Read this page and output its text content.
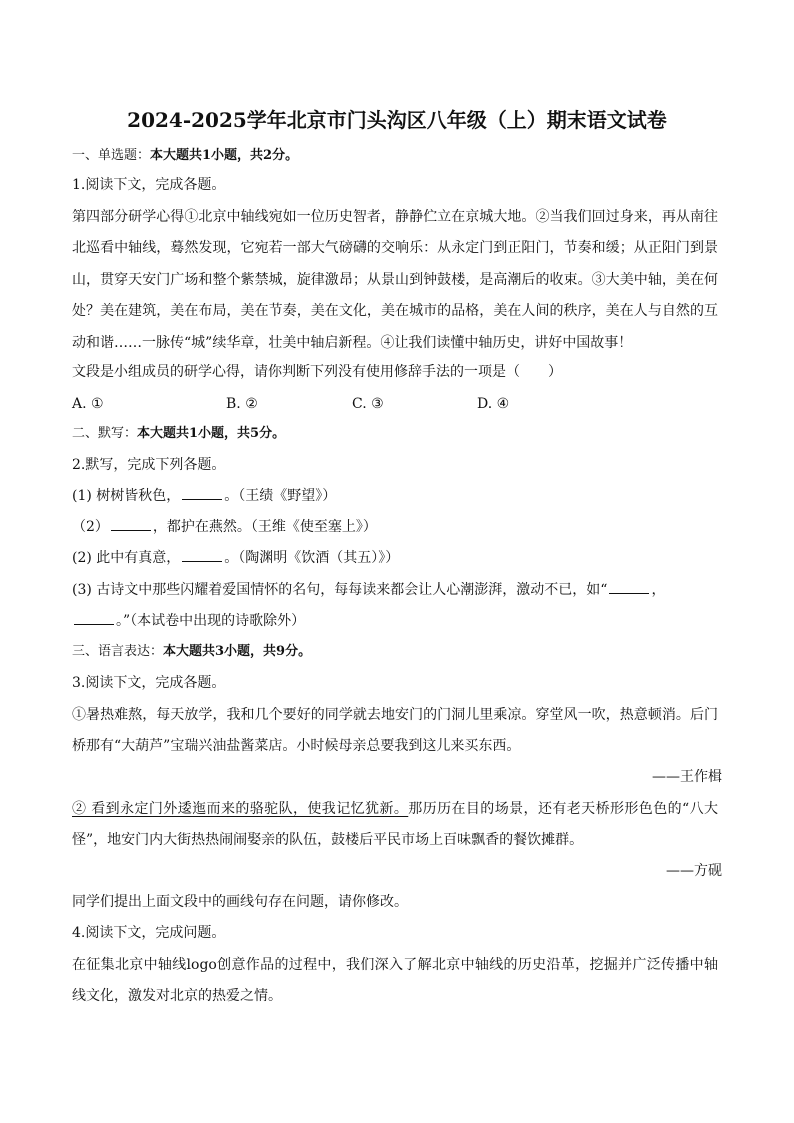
2024-2025学年北京市门头沟区八年级（上）期末语文试卷
一、单选题：本大题共1小题，共2分。
1.阅读下文，完成各题。
第四部分研学心得①北京中轴线宛如一位历史智者，静静伫立在京城大地。②当我们回过身来，再从南往北巡看中轴线，蓦然发现，它宛若一部大气磅礴的交响乐：从永定门到正阳门，节奏和缓；从正阳门到景山，贯穿天安门广场和整个紫禁城，旋律激昂；从景山到钟鼓楼，是高潮后的收束。③大美中轴，美在何处？美在建筑，美在布局，美在节奏，美在文化，美在城市的品格，美在人间的秩序，美在人与自然的互动和谐……一脉传“城”续华章，壮美中轴启新程。④让我们读懂中轴历史，讲好中国故事！
文段是小组成员的研学心得，请你判断下列没有使用修辞手法的一项是（　　）
A. ①	B. ②	C. ③	D. ④
二、默写：本大题共1小题，共5分。
2.默写，完成下列各题。
(1) 树树皆秋色，	。（王绩《野望》）
（2）	，都护在燕然。（王维《使至塞上》）
(2) 此中有真意，	。（陶渊明《饮酒（其五）》）
(3) 古诗文中那些闪耀着爱国情怀的名句，每每读来都会让人心潮澎湃，激动不已，如“	，
。”（本试卷中出现的诗歌除外）
三、语言表达：本大题共3小题，共9分。
3.阅读下文，完成各题。
①暑热难熬，每天放学，我和几个要好的同学就去地安门的门洞儿里乘凉。穿堂风一吹，热意顿消。后门桥那有“大葫芦”宝瑞兴油盐酱菜店。小时候母亲总要我到这儿来买东西。
——王作楫
② 看到永定门外逶迤而来的骆驼队，使我记忆犹新。那历历在目的场景，还有老天桥形形色色的“八大怪”，地安门内大街热热闹闹娶亲的队伍，鼓楼后平民市场上百味飘香的餐饮摊群。
——方砚
同学们提出上面文段中的画线句存在问题，请你修改。
4.阅读下文，完成问题。
在征集北京中轴线logo创意作品的过程中，我们深入了解北京中轴线的历史沿革，挖掘并广泛传播中轴线文化，激发对北京的热爱之情。
